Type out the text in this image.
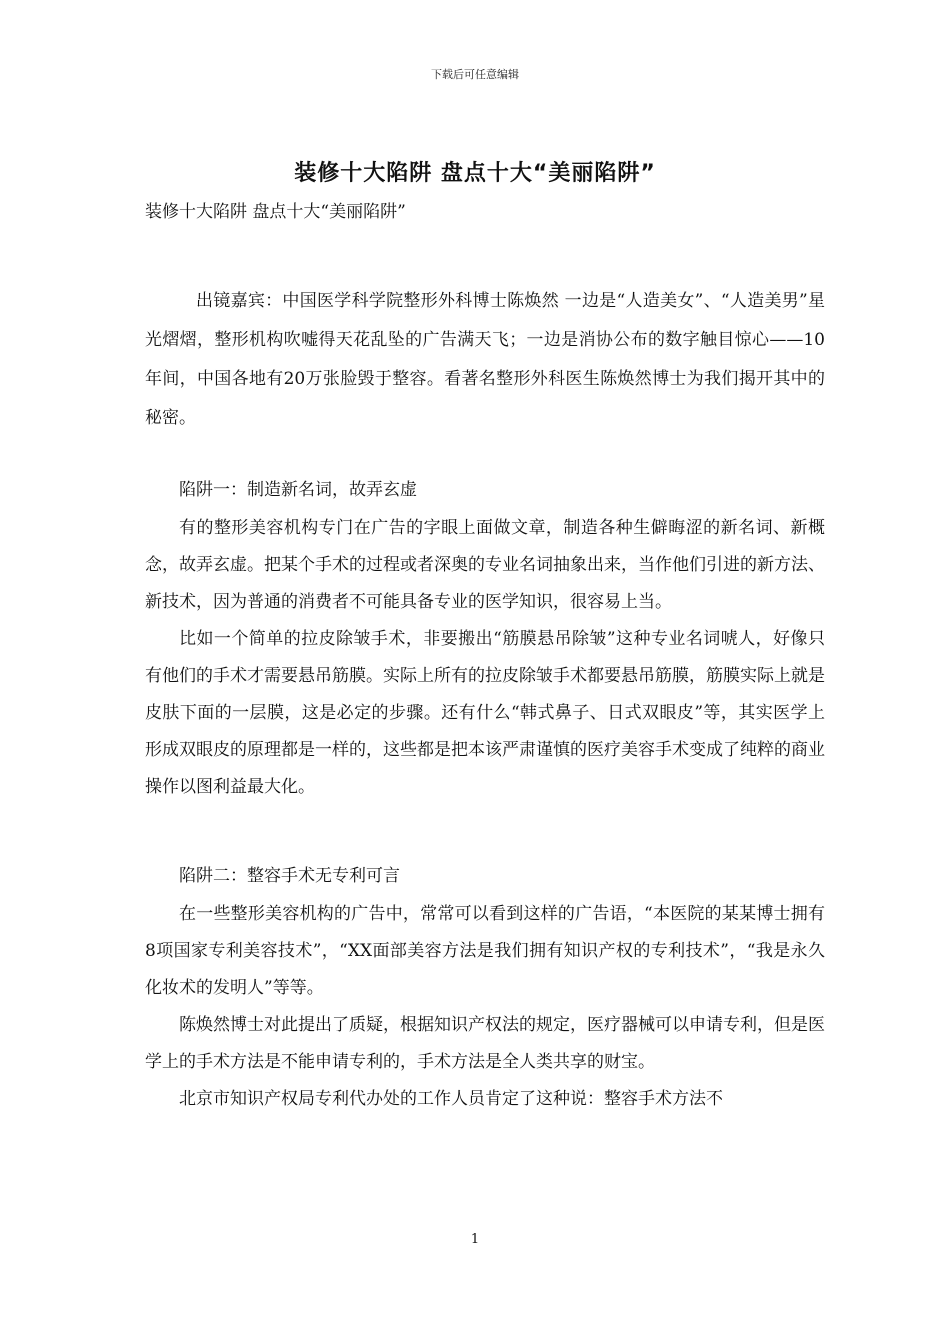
下载后可任意编辑
装修十大陷阱 盘点十大“美丽陷阱”

装修十大陷阱 盘点十大“美丽陷阱”

出镜嘉宾：中国医学科学院整形外科博士陈焕然 一边是“人造美女”、“人造美男”星光熠熠，整形机构吹嘘得天花乱坠的广告满天飞；一边是消协公布的数字触目惊心——10年间，中国各地有20万张脸毁于整容。看著名整形外科医生陈焕然博士为我们揭开其中的秘密。

陷阱一：制造新名词，故弄玄虚

有的整形美容机构专门在广告的字眼上面做文章，制造各种生僻晦涩的新名词、新概念，故弄玄虚。把某个手术的过程或者深奥的专业名词抽象出来，当作他们引进的新方法、新技术，因为普通的消费者不可能具备专业的医学知识，很容易上当。

比如一个简单的拉皮除皱手术，非要搬出“筋膜悬吊除皱”这种专业名词唬人，好像只有他们的手术才需要悬吊筋膜。实际上所有的拉皮除皱手术都要悬吊筋膜，筋膜实际上就是皮肤下面的一层膜，这是必定的步骤。还有什么“韩式鼻子、日式双眼皮”等，其实医学上形成双眼皮的原理都是一样的，这些都是把本该严肃谨慎的医疗美容手术变成了纯粹的商业操作以图利益最大化。

陷阱二：整容手术无专利可言

在一些整形美容机构的广告中，常常可以看到这样的广告语，“本医院的某某博士拥有8项国家专利美容技术”，“XX面部美容方法是我们拥有知识产权的专利技术”，“我是永久化妆术的发明人”等等。

陈焕然博士对此提出了质疑，根据知识产权法的规定，医疗器械可以申请专利，但是医学上的手术方法是不能申请专利的，手术方法是全人类共享的财宝。

北京市知识产权局专利代办处的工作人员肯定了这种说：整容手术方法不

1
